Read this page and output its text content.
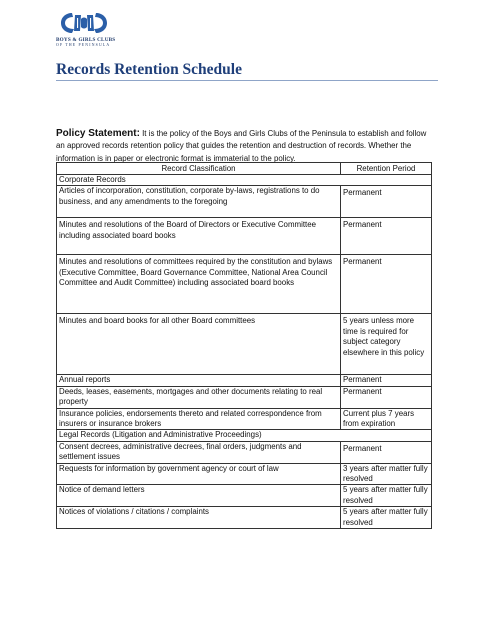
BOYS & GIRLS CLUBS
OF THE PENINSULA
Records Retention Schedule
Policy Statement: It is the policy of the Boys and Girls Clubs of the Peninsula to establish and follow an approved records retention policy that guides the retention and destruction of records. Whether the information is in paper or electronic format is immaterial to the policy.
Record Classification	Retention Period
Corporate Records	
Articles of incorporation, constitution, corporate by-laws, registrations to do business, and any amendments to the foregoing	Permanent
Minutes and resolutions of the Board of Directors or Executive Committee including associated board books	Permanent
Minutes and resolutions of committees required by the constitution and bylaws (Executive Committee, Board Governance Committee, National Area Council Committee and Audit Committee) including associated board books	Permanent
Minutes and board books for all other Board committees	5 years unless more time is required for subject category elsewhere in this policy
Annual reports	Permanent
Deeds, leases, easements, mortgages and other documents relating to real property	Permanent
Insurance policies, endorsements thereto and related correspondence from insurers or insurance brokers	Current plus 7 years from expiration
Legal Records (Litigation and Administrative Proceedings)	
Consent decrees, administrative decrees, final orders, judgments and settlement issues	Permanent
Requests for information by government agency or court of law	3 years after matter fully resolved
Notice of demand letters	5 years after matter fully resolved
Notices of violations / citations / complaints	5 years after matter fully resolved
